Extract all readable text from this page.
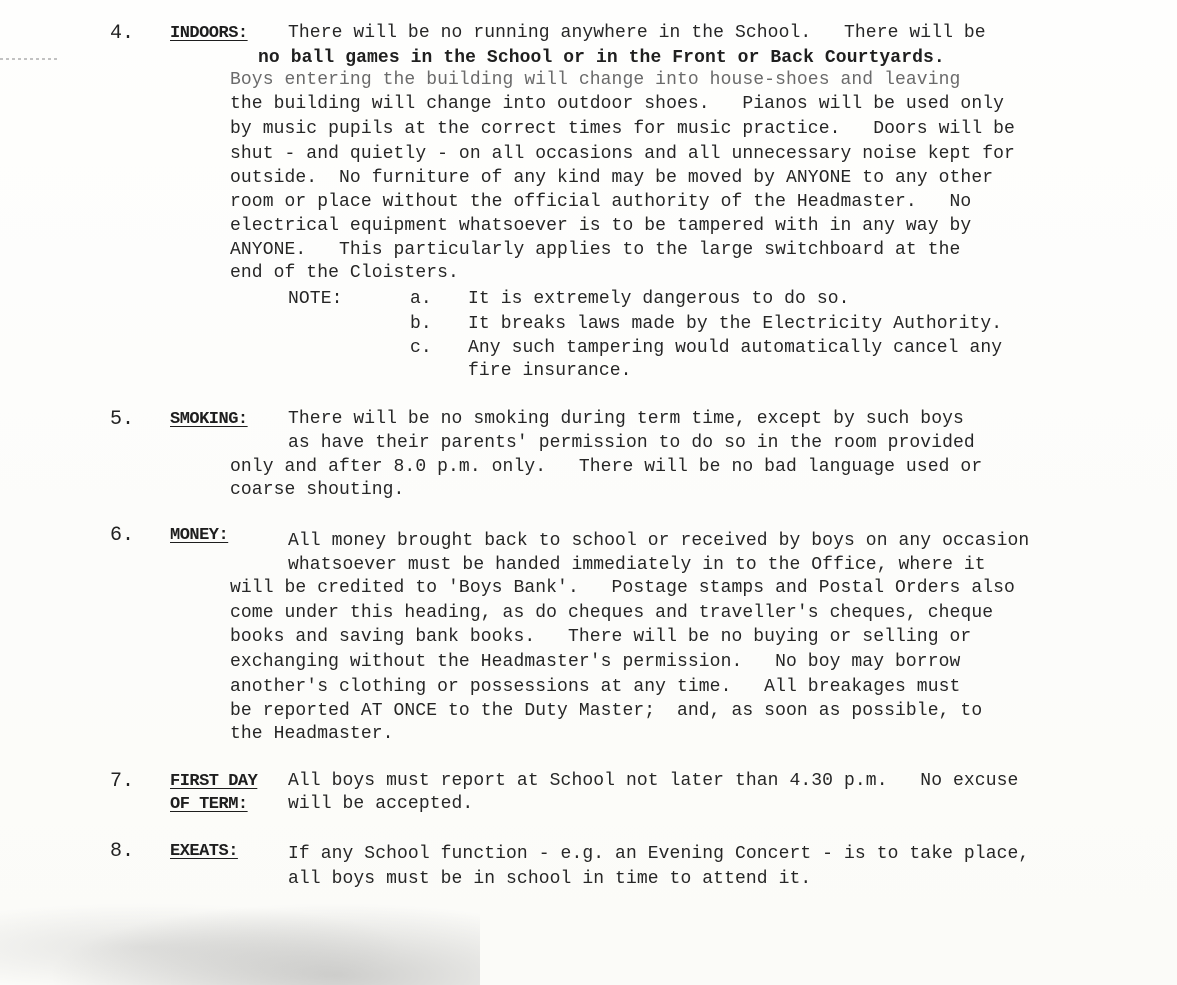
4. INDOORS: There will be no running anywhere in the School.   There will be
no ball games in the School or in the Front or Back Courtyards.
Boys entering the building will change into house-shoes and leaving
the building will change into outdoor shoes.   Pianos will be used only
by music pupils at the correct times for music practice.   Doors will be
shut - and quietly - on all occasions and all unnecessary noise kept for
outside.  No furniture of any kind may be moved by ANYONE to any other
room or place without the official authority of the Headmaster.   No
electrical equipment whatsoever is to be tampered with in any way by
ANYONE.   This particularly applies to the large switchboard at the
end of the Cloisters.
NOTE:	a. It is extremely dangerous to do so.
b. It breaks laws made by the Electricity Authority.
c. Any such tampering would automatically cancel any
fire insurance.
5. SMOKING: There will be no smoking during term time, except by such boys
as have their parents' permission to do so in the room provided
only and after 8.0 p.m. only.   There will be no bad language used or
coarse shouting.
6. MONEY:	All money brought back to school or received by boys on any occasion
whatsoever must be handed immediately in to the Office, where it
will be credited to 'Boys Bank'.   Postage stamps and Postal Orders also
come under this heading, as do cheques and traveller's cheques, cheque
books and saving bank books.   There will be no buying or selling or
exchanging without the Headmaster's permission.   No boy may borrow
another's clothing or possessions at any time.   All breakages must
be reported AT ONCE to the Duty Master;  and, as soon as possible, to
the Headmaster.
7. FIRST DAY
OF TERM:
All boys must report at School not later than 4.30 p.m.   No excuse
will be accepted.
8. EXEATS:	If any School function - e.g. an Evening Concert - is to take place,
all boys must be in school in time to attend it.
